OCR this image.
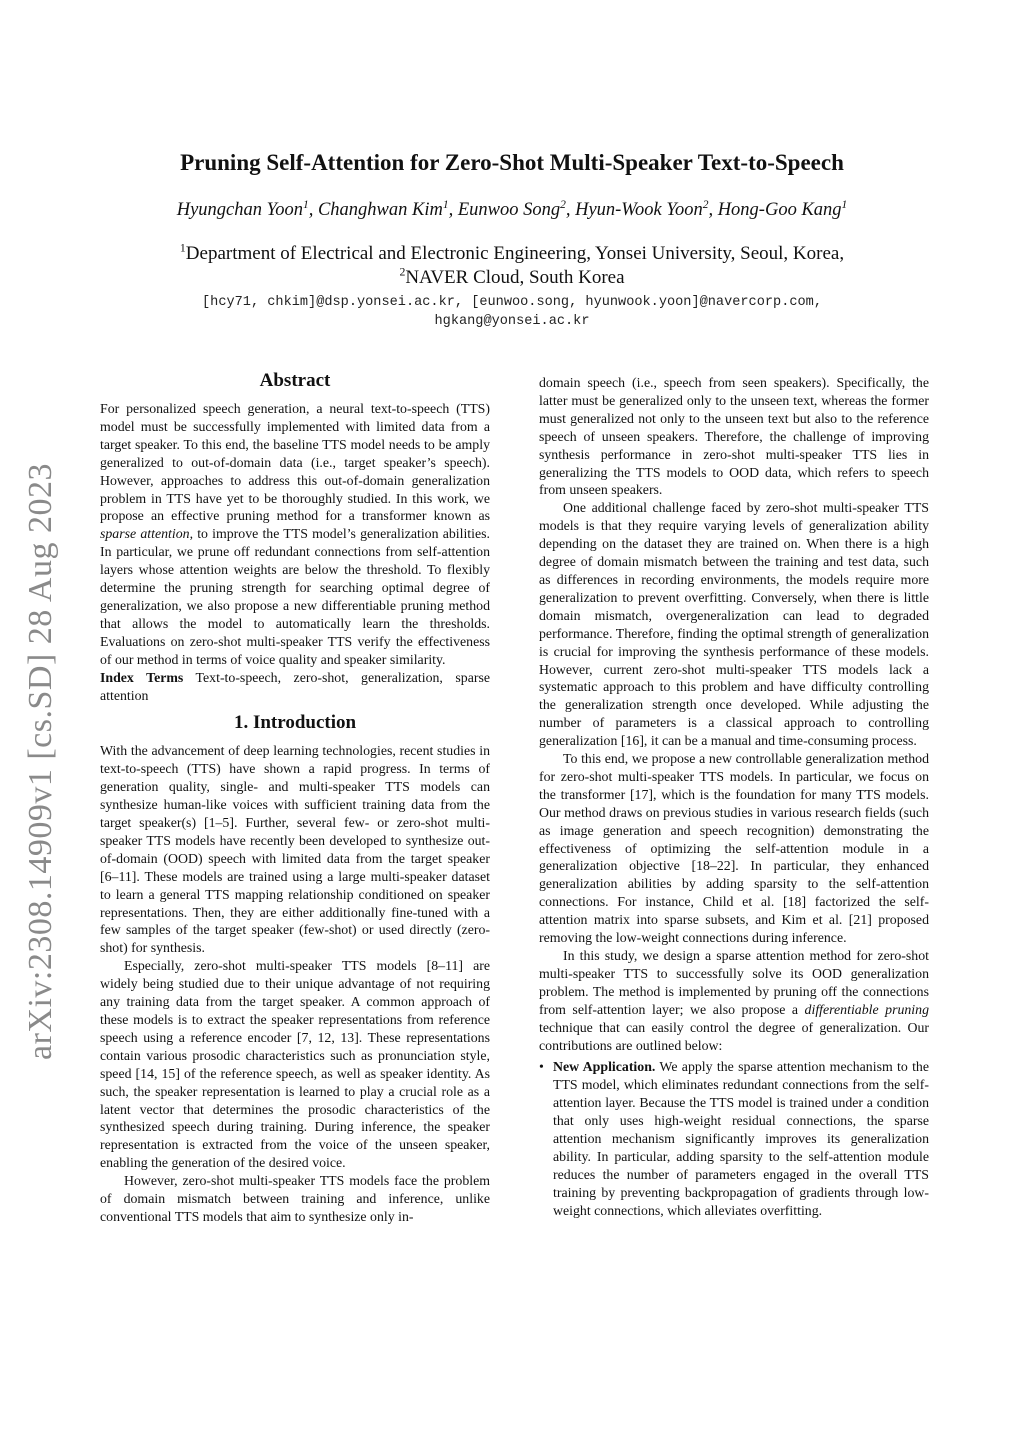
arXiv:2308.14909v1 [cs.SD] 28 Aug 2023
Pruning Self-Attention for Zero-Shot Multi-Speaker Text-to-Speech
Hyungchan Yoon$^1$, Changhwan Kim$^1$, Eunwoo Song$^2$, Hyun-Wook Yoon$^2$, Hong-Goo Kang$^1$
$^1$Department of Electrical and Electronic Engineering, Yonsei University, Seoul, Korea,
$^2$NAVER Cloud, South Korea
[hcy71, chkim]@dsp.yonsei.ac.kr, [eunwoo.song, hyunwook.yoon]@navercorp.com,
hgkang@yonsei.ac.kr
Abstract

For personalized speech generation, a neural text-to-speech (TTS) model must be successfully implemented with limited data from a target speaker. To this end, the baseline TTS model needs to be amply generalized to out-of-domain data (i.e., target speaker’s speech). However, approaches to address this out-of-domain generalization problem in TTS have yet to be thoroughly studied. In this work, we propose an effective pruning method for a transformer known as sparse attention, to improve the TTS model’s generalization abilities. In particular, we prune off redundant connections from self-attention layers whose attention weights are below the threshold. To flexibly determine the pruning strength for searching optimal degree of generalization, we also propose a new differentiable pruning method that allows the model to automatically learn the thresholds. Evaluations on zero-shot multi-speaker TTS verify the effectiveness of our method in terms of voice quality and speaker similarity.

Index Terms Text-to-speech, zero-shot, generalization, sparse attention

1. Introduction

With the advancement of deep learning technologies, recent studies in text-to-speech (TTS) have shown a rapid progress. In terms of generation quality, single- and multi-speaker TTS models can synthesize human-like voices with sufficient training data from the target speaker(s) [1–5]. Further, several few- or zero-shot multi-speaker TTS models have recently been developed to synthesize out-of-domain (OOD) speech with limited data from the target speaker [6–11]. These models are trained using a large multi-speaker dataset to learn a general TTS mapping relationship conditioned on speaker representations. Then, they are either additionally fine-tuned with a few samples of the target speaker (few-shot) or used directly (zero-shot) for synthesis.

Especially, zero-shot multi-speaker TTS models [8–11] are widely being studied due to their unique advantage of not requiring any training data from the target speaker. A common approach of these models is to extract the speaker representations from reference speech using a reference encoder [7, 12, 13]. These representations contain various prosodic characteristics such as pronunciation style, speed [14, 15] of the reference speech, as well as speaker identity. As such, the speaker representation is learned to play a crucial role as a latent vector that determines the prosodic characteristics of the synthesized speech during training. During inference, the speaker representation is extracted from the voice of the unseen speaker, enabling the generation of the desired voice.

However, zero-shot multi-speaker TTS models face the problem of domain mismatch between training and inference, unlike conventional TTS models that aim to synthesize only in-

domain speech (i.e., speech from seen speakers). Specifically, the latter must be generalized only to the unseen text, whereas the former must generalized not only to the unseen text but also to the reference speech of unseen speakers. Therefore, the challenge of improving synthesis performance in zero-shot multi-speaker TTS lies in generalizing the TTS models to OOD data, which refers to speech from unseen speakers.

One additional challenge faced by zero-shot multi-speaker TTS models is that they require varying levels of generalization ability depending on the dataset they are trained on. When there is a high degree of domain mismatch between the training and test data, such as differences in recording environments, the models require more generalization to prevent overfitting. Conversely, when there is little domain mismatch, overgeneralization can lead to degraded performance. Therefore, finding the optimal strength of generalization is crucial for improving the synthesis performance of these models. However, current zero-shot multi-speaker TTS models lack a systematic approach to this problem and have difficulty controlling the generalization strength once developed. While adjusting the number of parameters is a classical approach to controlling generalization [16], it can be a manual and time-consuming process.

To this end, we propose a new controllable generalization method for zero-shot multi-speaker TTS models. In particular, we focus on the transformer [17], which is the foundation for many TTS models. Our method draws on previous studies in various research fields (such as image generation and speech recognition) demonstrating the effectiveness of optimizing the self-attention module in a generalization objective [18–22]. In particular, they enhanced generalization abilities by adding sparsity to the self-attention connections. For instance, Child et al. [18] factorized the self-attention matrix into sparse subsets, and Kim et al. [21] proposed removing the low-weight connections during inference.

In this study, we design a sparse attention method for zero-shot multi-speaker TTS to successfully solve its OOD generalization problem. The method is implemented by pruning off the connections from self-attention layer; we also propose a differentiable pruning technique that can easily control the degree of generalization. Our contributions are outlined below:

• New Application. We apply the sparse attention mechanism to the TTS model, which eliminates redundant connections from the self-attention layer. Because the TTS model is trained under a condition that only uses high-weight residual connections, the sparse attention mechanism significantly improves its generalization ability. In particular, adding sparsity to the self-attention module reduces the number of parameters engaged in the overall TTS training by preventing backpropagation of gradients through low-weight connections, which alleviates overfitting.
